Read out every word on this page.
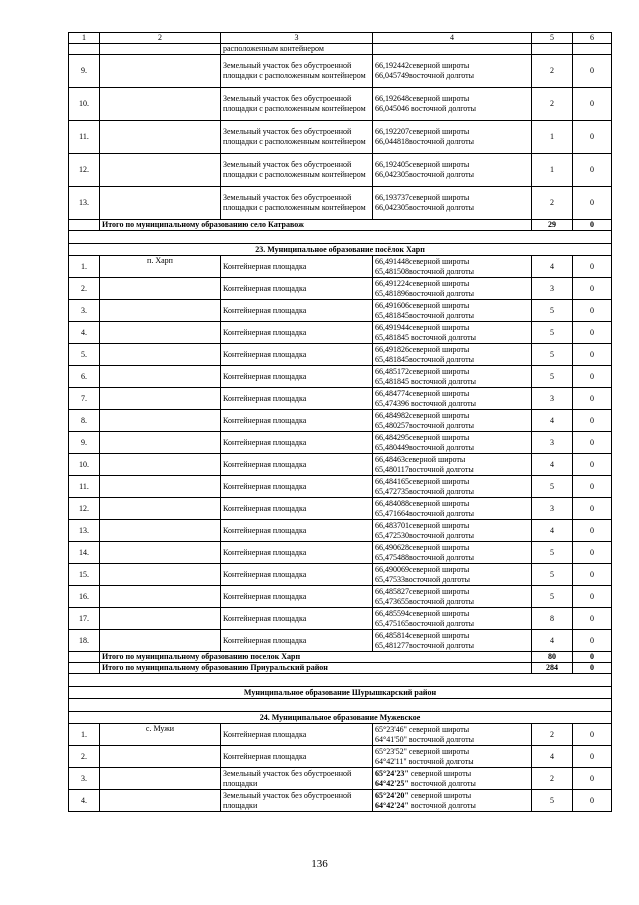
1	2	3	4	5	6
		расположенным контейнером			
9.		Земельный участок без обустроенной площадки с расположенным контейнером	66,192442северной широты
66,045749восточной долготы	2	0
10.		Земельный участок без обустроенной площадки с расположенным контейнером	66,192648северной широты
66,045046 восточной долготы	2	0
11.		Земельный участок без обустроенной площадки с расположенным контейнером	66,192207северной широты
66,044818восточной долготы	1	0
12.		Земельный участок без обустроенной площадки с расположенным контейнером	66,192405северной широты
66,042305восточной долготы	1	0
13.		Земельный участок без обустроенной площадки с расположенным контейнером	66,193737северной широты
66,042305восточной долготы	2	0
	Итого по муниципальному образованию село Катравож			29	0

23. Муниципальное образование посёлок Харп					
1.	п. Харп	Контейнерная площадка	66,491448северной широты
65,481508восточной долготы	4	0
2.		Контейнерная площадка	66,491224северной широты
65,481896восточной долготы	3	0
3.		Контейнерная площадка	66,491606северной широты
65,481845восточной долготы	5	0
4.		Контейнерная площадка	66,491944северной широты
65,481845 восточной долготы	5	0
5.		Контейнерная площадка	66,491826северной широты
65,481845восточной долготы	5	0
6.		Контейнерная площадка	66,485172северной широты
65,481845 восточной долготы	5	0
7.		Контейнерная площадка	66,484774северной широты
65,474396 восточной долготы	3	0
8.		Контейнерная площадка	66,484982северной широты
65,480257восточной долготы	4	0
9.		Контейнерная площадка	66,484295северной широты
65,480449восточной долготы	3	0
10.		Контейнерная площадка	66,48463северной широты
65,480117восточной долготы	4	0
11.		Контейнерная площадка	66,484165северной широты
65,472735восточной долготы	5	0
12.		Контейнерная площадка	66,484088северной широты
65,471664восточной долготы	3	0
13.		Контейнерная площадка	66,483701северной широты
65,472530восточной долготы	4	0
14.		Контейнерная площадка	66,490628северной широты
65,475488восточной долготы	5	0
15.		Контейнерная площадка	66,490069северной широты
65,47533восточной долготы	5	0
16.		Контейнерная площадка	66,485827северной широты
65,473655восточной долготы	5	0
17.		Контейнерная площадка	66,485594северной широты
65,475165восточной долготы	8	0
18.		Контейнерная площадка	66,485814северной широты
65,481277восточной долготы	4	0
	Итого по муниципальному образованию поселок Харп			80	0
	Итого по муниципальному образованию Приуральский район			284	0

Муниципальное образование Шурышкарский район					

24. Муниципальное образование Мужевское					
1.	с. Мужи	Контейнерная площадка	65°23'46" северной широты
64°41'50" восточной долготы	2	0
2.		Контейнерная площадка	65°23'52" северной широты
64°42'11" восточной долготы	4	0
3.		Земельный участок без обустроенной площадки	65°24'23" северной широты
64°42'25" восточной долготы	2	0
4.		Земельный участок без обустроенной площадки	65°24'20" северной широты
64°42'24" восточной долготы	5	0
136
